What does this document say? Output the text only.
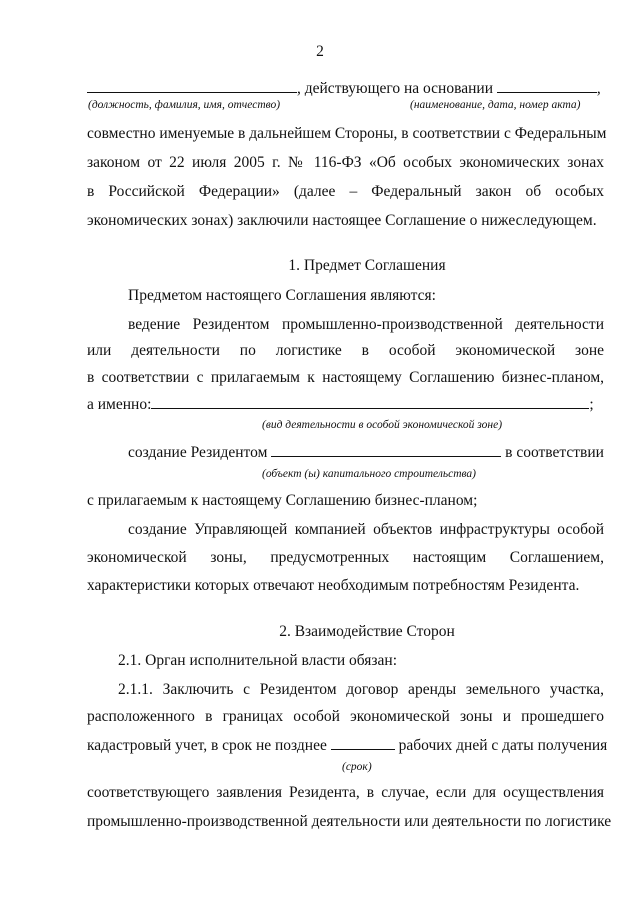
2
, действующего на основании	,
(должность, фамилия, имя, отчество)	(наименование, дата, номер акта)
совместно именуемые в дальнейшем Стороны, в соответствии с Федеральным
законом от 22 июля 2005 г. № 116-ФЗ «Об особых экономических зонах
в Российской Федерации» (далее – Федеральный закон об особых
экономических зонах) заключили настоящее Соглашение о нижеследующем.
1. Предмет Соглашения
Предметом настоящего Соглашения являются:
ведение Резидентом промышленно-производственной деятельности
или деятельности по логистике в особой экономической зоне
в соответствии с прилагаемым к настоящему Соглашению бизнес-планом,
а именно:	;
(вид деятельности в особой экономической зоне)
создание Резидентом	в соответствии
(объект (ы) капитального строительства)
с прилагаемым к настоящему Соглашению бизнес-планом;
создание Управляющей компанией объектов инфраструктуры особой
экономической зоны, предусмотренных настоящим Соглашением,
характеристики которых отвечают необходимым потребностям Резидента.
2. Взаимодействие Сторон
2.1. Орган исполнительной власти обязан:
2.1.1. Заключить с Резидентом договор аренды земельного участка,
расположенного в границах особой экономической зоны и прошедшего
кадастровый учет, в срок не позднее	рабочих дней с даты получения
(срок)
соответствующего заявления Резидента, в случае, если для осуществления
промышленно-производственной деятельности или деятельности по логистике
